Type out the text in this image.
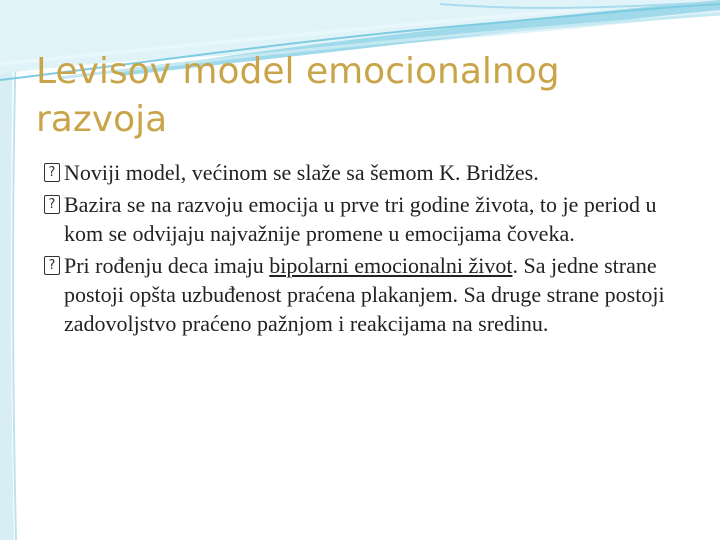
Levisov model emocionalnog razvoja

? Noviji model, većinom se slaže sa šemom K. Bridžes.

? Bazira se na razvoju emocija u prve tri godine života, to je period u kom se odvijaju najvažnije promene u emocijama čoveka.

? Pri rođenju deca imaju bipolarni emocionalni život. Sa jedne strane postoji opšta uzbuđenost praćena plakanjem. Sa druge strane postoji zadovoljstvo praćeno pažnjom i reakcijama na sredinu.
